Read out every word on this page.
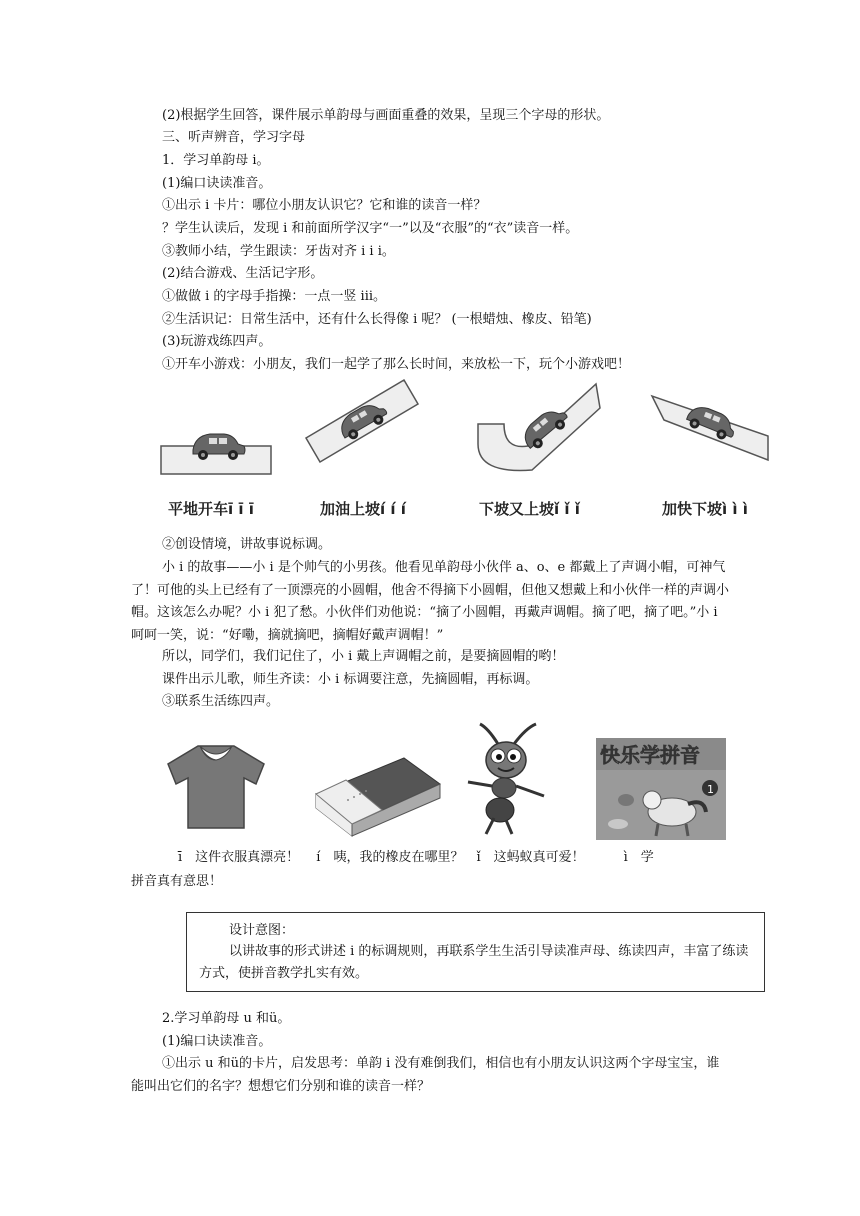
(2)根据学生回答，课件展示单韵母与画面重叠的效果，呈现三个字母的形状。
三、听声辨音，学习字母
1．学习单韵母 i。
(1)编口诀读准音。
①出示 i 卡片：哪位小朋友认识它？它和谁的读音一样？
？学生认读后，发现 i 和前面所学汉字“一”以及“衣服”的“衣”读音一样。
③教师小结，学生跟读：牙齿对齐 i i i。
(2)结合游戏、生活记字形。
①做做 i 的字母手指操：一点一竖 iii。
②生活识记：日常生活中，还有什么长得像 i 呢？ (一根蜡烛、橡皮、铅笔)
(3)玩游戏练四声。
①开车小游戏：小朋友，我们一起学了那么长时间，来放松一下，玩个小游戏吧！
平地开车ī ī ī	加油上坡í í í	下坡又上坡ǐ ǐ ǐ	加快下坡ì ì ì
②创设情境，讲故事说标调。
小 i 的故事——小 i 是个帅气的小男孩。他看见单韵母小伙伴 a、o、e 都戴上了声调小帽，可神气了！可他的头上已经有了一顶漂亮的小圆帽，他舍不得摘下小圆帽，但他又想戴上和小伙伴一样的声调小帽。这该怎么办呢？小 i 犯了愁。小伙伴们劝他说：“摘了小圆帽，再戴声调帽。摘了吧，摘了吧。”小 i 呵呵一笑，说：“好嘞，摘就摘吧，摘帽好戴声调帽！”
所以，同学们，我们记住了，小 i 戴上声调帽之前，是要摘圆帽的哟！
课件出示儿歌，师生齐读：小 i 标调要注意，先摘圆帽，再标调。
③联系生活练四声。
快乐学拼音
1
ī　这件衣服真漂亮！　 í　咦，我的橡皮在哪里？　ǐ　这蚂蚁真可爱！　　　ì　学
拼音真有意思！
设计意图：
以讲故事的形式讲述 i 的标调规则，再联系学生生活引导读准声母、练读四声，丰富了练读方式，使拼音教学扎实有效。
2.学习单韵母 u 和ü。
(1)编口诀读准音。
①出示 u 和ü的卡片，启发思考：单韵 i 没有难倒我们，相信也有小朋友认识这两个字母宝宝，谁能叫出它们的名字？想想它们分别和谁的读音一样？
